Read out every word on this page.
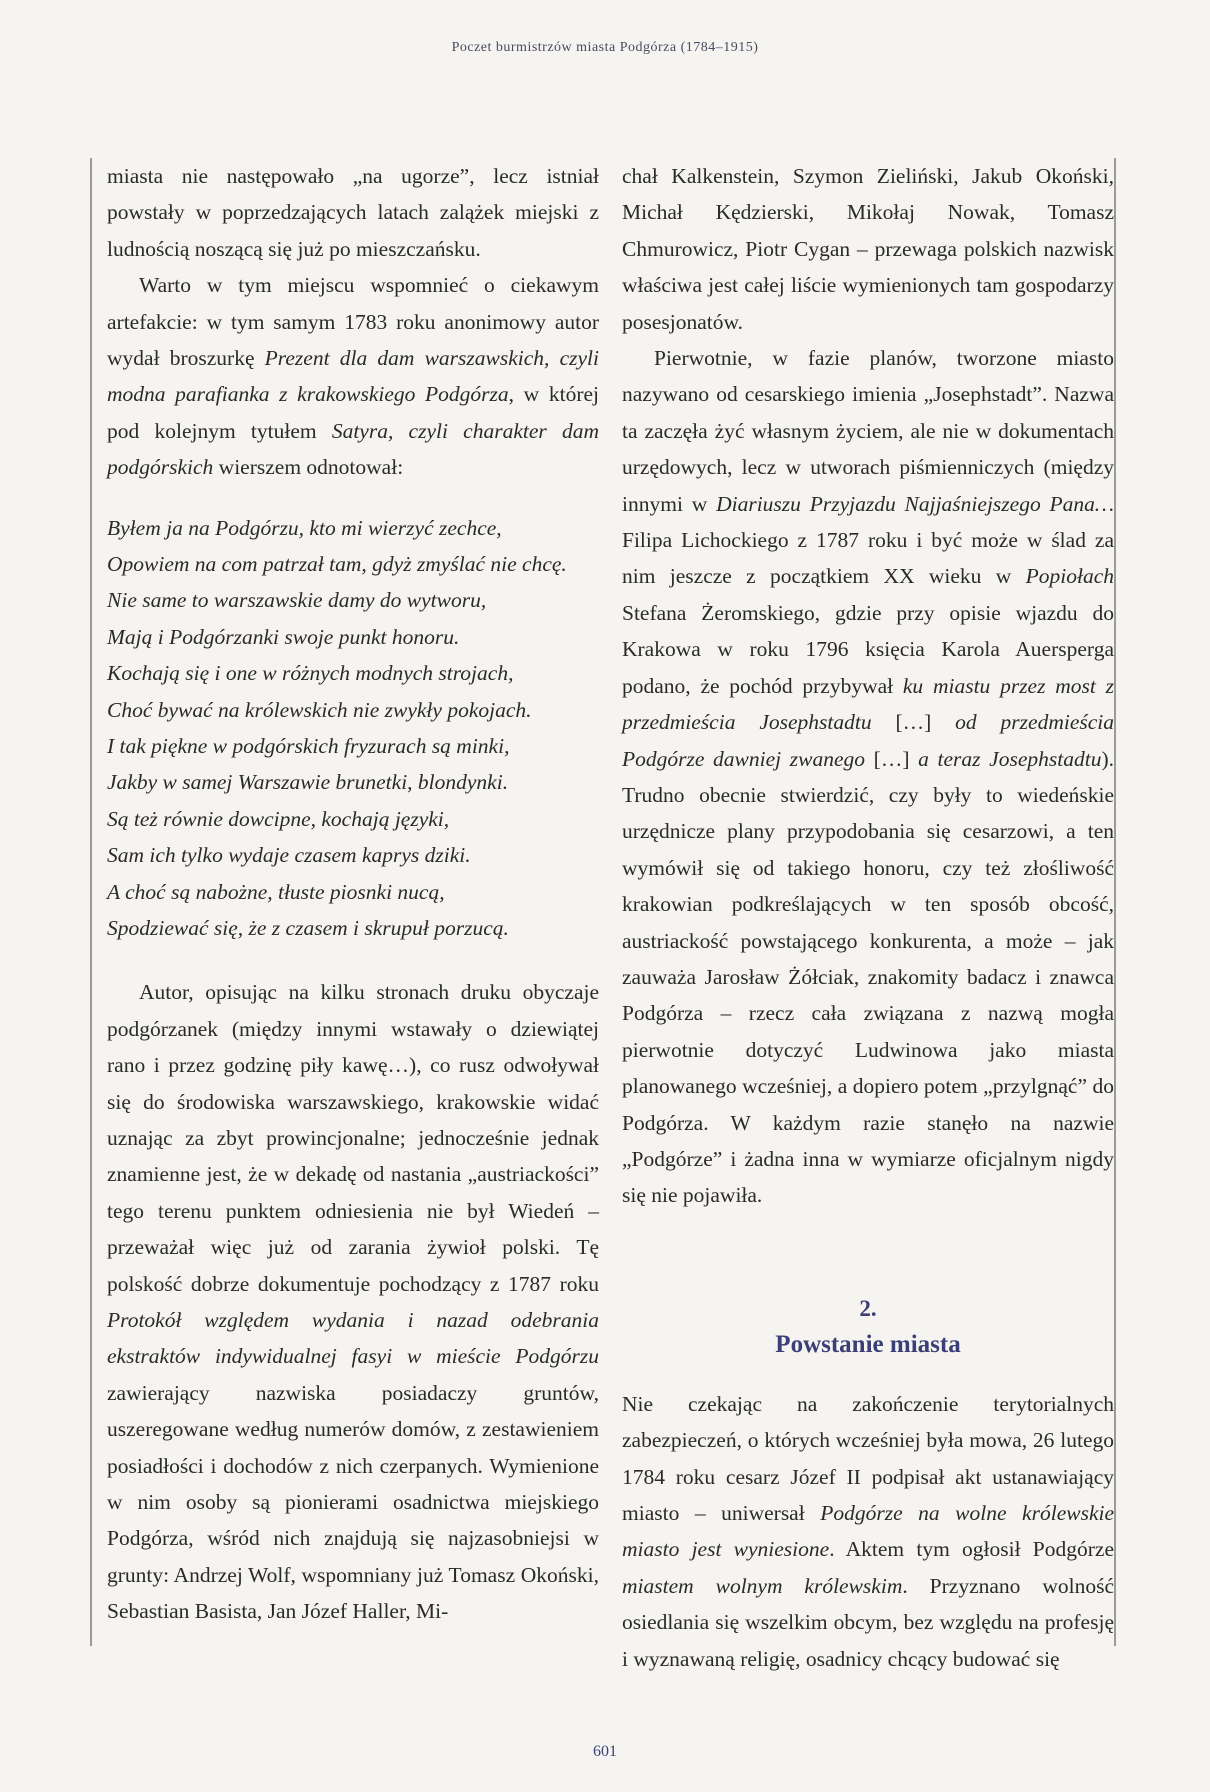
Poczet burmistrzów miasta Podgórza (1784–1915)

miasta nie następowało „na ugorze”, lecz istniał powstały w poprzedzających latach zalążek miejski z ludnością noszącą się już po mieszczańsku.

Warto w tym miejscu wspomnieć o ciekawym artefakcie: w tym samym 1783 roku anonimowy autor wydał broszurkę Prezent dla dam warszawskich, czyli modna parafianka z krakowskiego Podgórza, w której pod kolejnym tytułem Satyra, czyli charakter dam podgórskich wierszem odnotował:

Byłem ja na Podgórzu, kto mi wierzyć zechce,
Opowiem na com patrzał tam, gdyż zmyślać nie chcę.
Nie same to warszawskie damy do wytworu,
Mają i Podgórzanki swoje punkt honoru.
Kochają się i one w różnych modnych strojach,
Choć bywać na królewskich nie zwykły pokojach.
I tak piękne w podgórskich fryzurach są minki,
Jakby w samej Warszawie brunetki, blondynki.
Są też równie dowcipne, kochają języki,
Sam ich tylko wydaje czasem kaprys dziki.
A choć są nabożne, tłuste piosnki nucą,
Spodziewać się, że z czasem i skrupuł porzucą.

Autor, opisując na kilku stronach druku obyczaje podgórzanek (między innymi wstawały o dziewiątej rano i przez godzinę piły kawę…), co rusz odwoływał się do środowiska warszawskiego, krakowskie widać uznając za zbyt prowincjonalne; jednocześnie jednak znamienne jest, że w dekadę od nastania „austriackości” tego terenu punktem odniesienia nie był Wiedeń – przeważał więc już od zarania żywioł polski. Tę polskość dobrze dokumentuje pochodzący z 1787 roku Protokół względem wydania i nazad odebrania ekstraktów indywidualnej fasyi w mieście Podgórzu zawierający nazwiska posiadaczy gruntów, uszeregowane według numerów domów, z zestawieniem posiadłości i dochodów z nich czerpanych. Wymienione w nim osoby są pionierami osadnictwa miejskiego Podgórza, wśród nich znajdują się najzasobniejsi w grunty: Andrzej Wolf, wspomniany już Tomasz Okoński, Sebastian Basista, Jan Józef Haller, Mi-

chał Kalkenstein, Szymon Zieliński, Jakub Okoński, Michał Kędzierski, Mikołaj Nowak, Tomasz Chmurowicz, Piotr Cygan – przewaga polskich nazwisk właściwa jest całej liście wymienionych tam gospodarzy posesjonatów.

Pierwotnie, w fazie planów, tworzone miasto nazywano od cesarskiego imienia „Josephstadt”. Nazwa ta zaczęła żyć własnym życiem, ale nie w dokumentach urzędowych, lecz w utworach piśmienniczych (między innymi w Diariuszu Przyjazdu Najjaśniejszego Pana… Filipa Lichockiego z 1787 roku i być może w ślad za nim jeszcze z początkiem XX wieku w Popiołach Stefana Żeromskiego, gdzie przy opisie wjazdu do Krakowa w roku 1796 księcia Karola Auersperga podano, że pochód przybywał ku miastu przez most z przedmieścia Josephstadtu […] od przedmieścia Podgórze dawniej zwanego […] a teraz Josephstadtu). Trudno obecnie stwierdzić, czy były to wiedeńskie urzędnicze plany przypodobania się cesarzowi, a ten wymówił się od takiego honoru, czy też złośliwość krakowian podkreślających w ten sposób obcość, austriackość powstającego konkurenta, a może – jak zauważa Jarosław Żółciak, znakomity badacz i znawca Podgórza – rzecz cała związana z nazwą mogła pierwotnie dotyczyć Ludwinowa jako miasta planowanego wcześniej, a dopiero potem „przylgnąć” do Podgórza. W każdym razie stanęło na nazwie „Podgórze” i żadna inna w wymiarze oficjalnym nigdy się nie pojawiła.

2.
Powstanie miasta

Nie czekając na zakończenie terytorialnych zabezpieczeń, o których wcześniej była mowa, 26 lutego 1784 roku cesarz Józef II podpisał akt ustanawiający miasto – uniwersał Podgórze na wolne królewskie miasto jest wyniesione. Aktem tym ogłosił Podgórze miastem wolnym królewskim. Przyznano wolność osiedlania się wszelkim obcym, bez względu na profesję i wyznawaną religię, osadnicy chcący budować się

601
